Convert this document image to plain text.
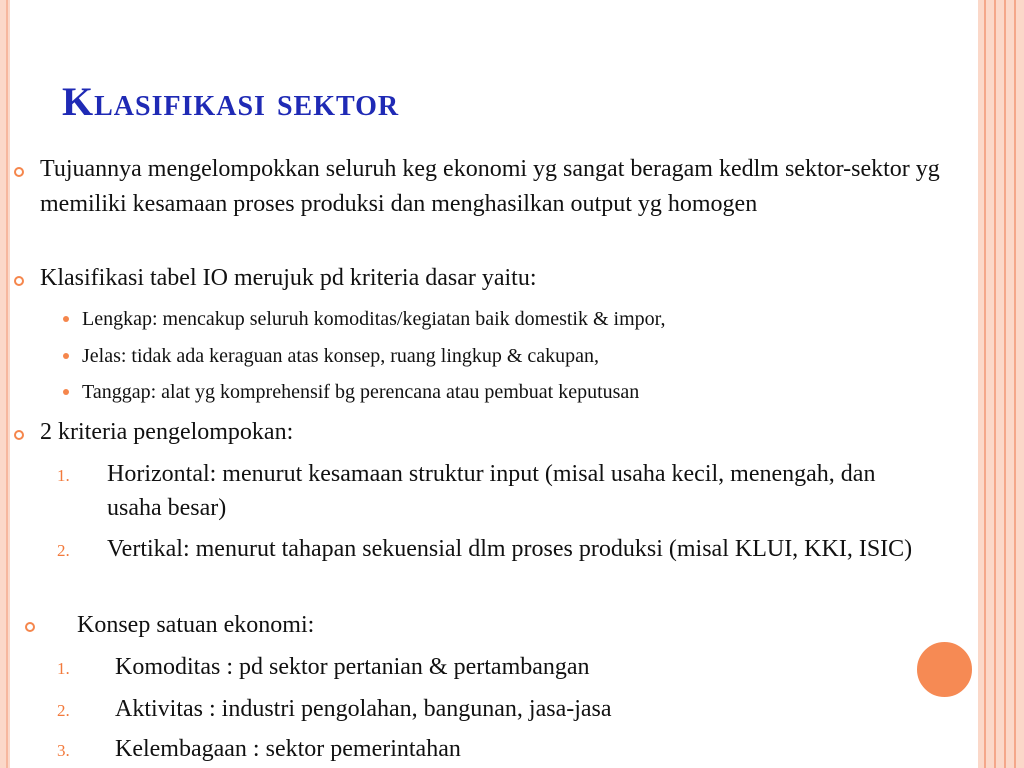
Klasifikasi sektor
Tujuannya mengelompokkan seluruh keg ekonomi yg sangat beragam kedlm sektor-sektor yg memiliki kesamaan proses produksi dan menghasilkan output yg homogen
Klasifikasi tabel IO merujuk pd kriteria dasar yaitu:
Lengkap: mencakup seluruh komoditas/kegiatan baik domestik & impor,
Jelas: tidak ada keraguan atas konsep, ruang lingkup & cakupan,
Tanggap: alat yg komprehensif bg perencana atau pembuat keputusan
2 kriteria pengelompokan:
1. Horizontal: menurut kesamaan struktur input (misal usaha kecil, menengah, dan usaha besar)
2. Vertikal: menurut tahapan sekuensial dlm proses produksi (misal KLUI, KKI, ISIC)
Konsep satuan ekonomi:
1. Komoditas : pd sektor pertanian & pertambangan
2. Aktivitas : industri pengolahan, bangunan, jasa-jasa
3. Kelembagaan : sektor pemerintahan
